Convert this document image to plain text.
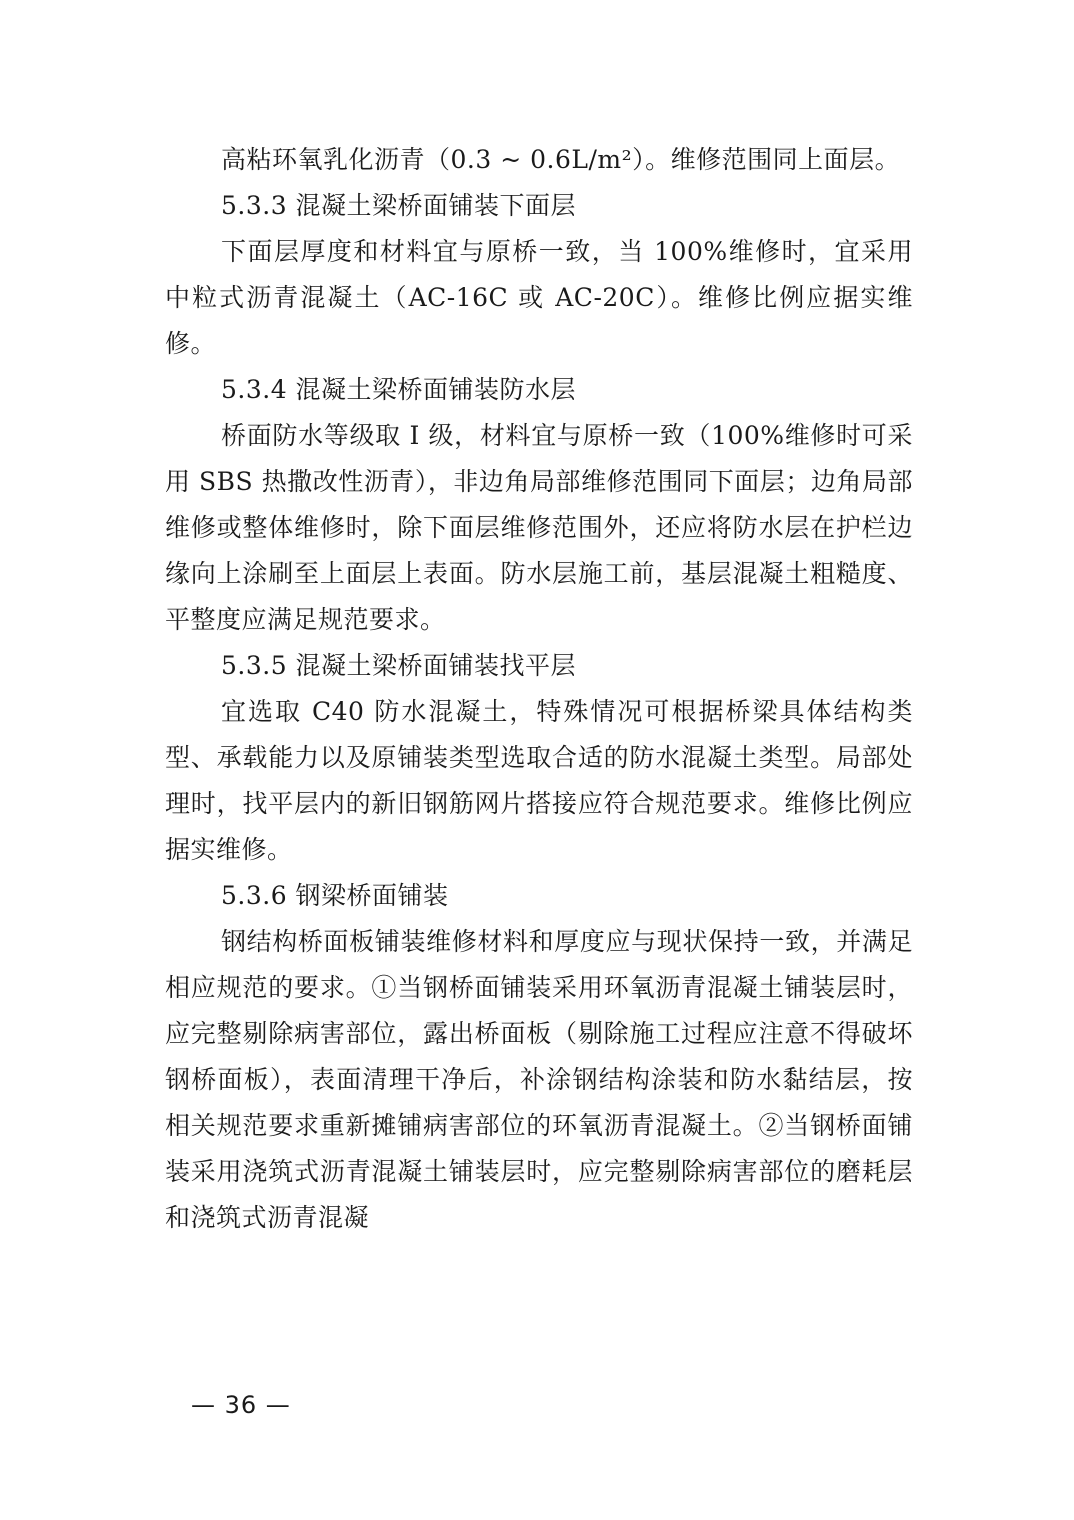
高粘环氧乳化沥青（0.3 ~ 0.6L/m²）。维修范围同上面层。

5.3.3 混凝土梁桥面铺装下面层

下面层厚度和材料宜与原桥一致，当 100%维修时，宜采用中粒式沥青混凝土（AC-16C 或 AC-20C）。维修比例应据实维修。

5.3.4 混凝土梁桥面铺装防水层

桥面防水等级取 I 级，材料宜与原桥一致（100%维修时可采用 SBS 热撒改性沥青），非边角局部维修范围同下面层；边角局部维修或整体维修时，除下面层维修范围外，还应将防水层在护栏边缘向上涂刷至上面层上表面。防水层施工前，基层混凝土粗糙度、平整度应满足规范要求。

5.3.5 混凝土梁桥面铺装找平层

宜选取 C40 防水混凝土，特殊情况可根据桥梁具体结构类型、承载能力以及原铺装类型选取合适的防水混凝土类型。局部处理时，找平层内的新旧钢筋网片搭接应符合规范要求。维修比例应据实维修。

5.3.6 钢梁桥面铺装

钢结构桥面板铺装维修材料和厚度应与现状保持一致，并满足相应规范的要求。①当钢桥面铺装采用环氧沥青混凝土铺装层时，应完整剔除病害部位，露出桥面板（剔除施工过程应注意不得破坏钢桥面板），表面清理干净后，补涂钢结构涂装和防水黏结层，按相关规范要求重新摊铺病害部位的环氧沥青混凝土。②当钢桥面铺装采用浇筑式沥青混凝土铺装层时，应完整剔除病害部位的磨耗层和浇筑式沥青混凝

— 36 —
